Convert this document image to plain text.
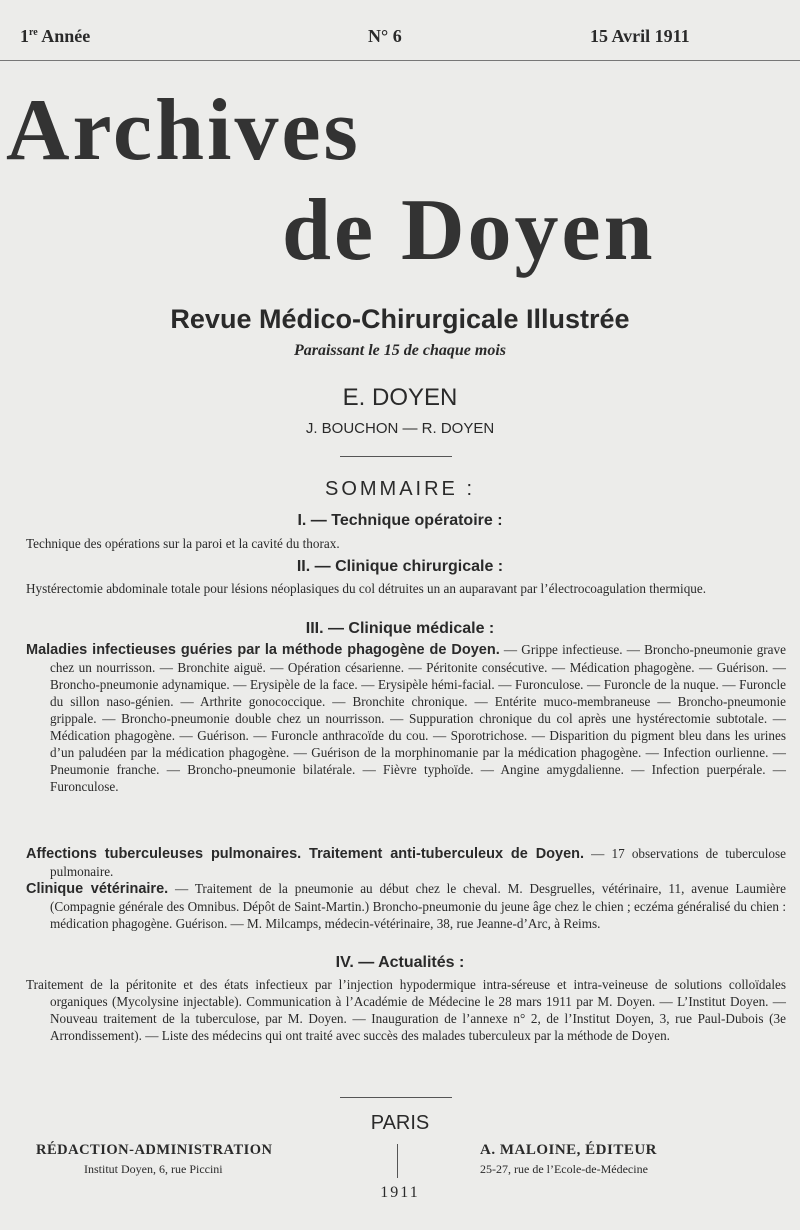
1re Année	N° 6	15 Avril 1911
Archives
de Doyen
Revue Médico-Chirurgicale Illustrée
Paraissant le 15 de chaque mois
E. DOYEN
J. BOUCHON — R. DOYEN
SOMMAIRE :
I. — Technique opératoire :
Technique des opérations sur la paroi et la cavité du thorax.
II. — Clinique chirurgicale :
Hystérectomie abdominale totale pour lésions néoplasiques du col détruites un an auparavant par l’électrocoagulation thermique.
III. — Clinique médicale :
Maladies infectieuses guéries par la méthode phagogène de Doyen. — Grippe infectieuse. — Broncho-pneumonie grave chez un nourrisson. — Bronchite aiguë. — Opération césarienne. — Péritonite consécutive. — Médication phagogène. — Guérison. — Broncho-pneumonie adynamique. — Erysipèle de la face. — Erysipèle hémi-facial. — Furonculose. — Furoncle de la nuque. — Furoncle du sillon naso-génien. — Arthrite gonococcique. — Bronchite chronique. — Entérite muco-membraneuse — Broncho-pneumonie grippale. — Broncho-pneumonie double chez un nourrisson. — Suppuration chronique du col après une hystérectomie subtotale. — Médication phagogène. — Guérison. — Furoncle anthracoïde du cou. — Sporotrichose. — Disparition du pigment bleu dans les urines d’un paludéen par la médication phagogène. — Guérison de la morphinomanie par la médication phagogène. — Infection ourlienne. — Pneumonie franche. — Broncho-pneumonie bilatérale. — Fièvre typhoïde. — Angine amygdalienne. — Infection puerpérale. — Furonculose.
Affections tuberculeuses pulmonaires. Traitement anti-tuberculeux de Doyen. — 17 observations de tuberculose pulmonaire.
Clinique vétérinaire. — Traitement de la pneumonie au début chez le cheval. M. Desgruelles, vétérinaire, 11, avenue Laumière (Compagnie générale des Omnibus. Dépôt de Saint-Martin.) Broncho-pneumonie du jeune âge chez le chien ; eczéma généralisé du chien : médication phagogène. Guérison. — M. Milcamps, médecin-vétérinaire, 38, rue Jeanne-d’Arc, à Reims.
IV. — Actualités :
Traitement de la péritonite et des états infectieux par l’injection hypodermique intra-séreuse et intra-veineuse de solutions colloïdales organiques (Mycolysine injectable). Communication à l’Académie de Médecine le 28 mars 1911 par M. Doyen. — L’Institut Doyen. — Nouveau traitement de la tuberculose, par M. Doyen. — Inauguration de l’annexe n° 2, de l’Institut Doyen, 3, rue Paul-Dubois (3e Arrondissement). — Liste des médecins qui ont traité avec succès des malades tuberculeux par la méthode de Doyen.
PARIS
RÉDACTION-ADMINISTRATION
Institut Doyen, 6, rue Piccini
A. MALOINE, ÉDITEUR
25-27, rue de l’Ecole-de-Médecine
1911
